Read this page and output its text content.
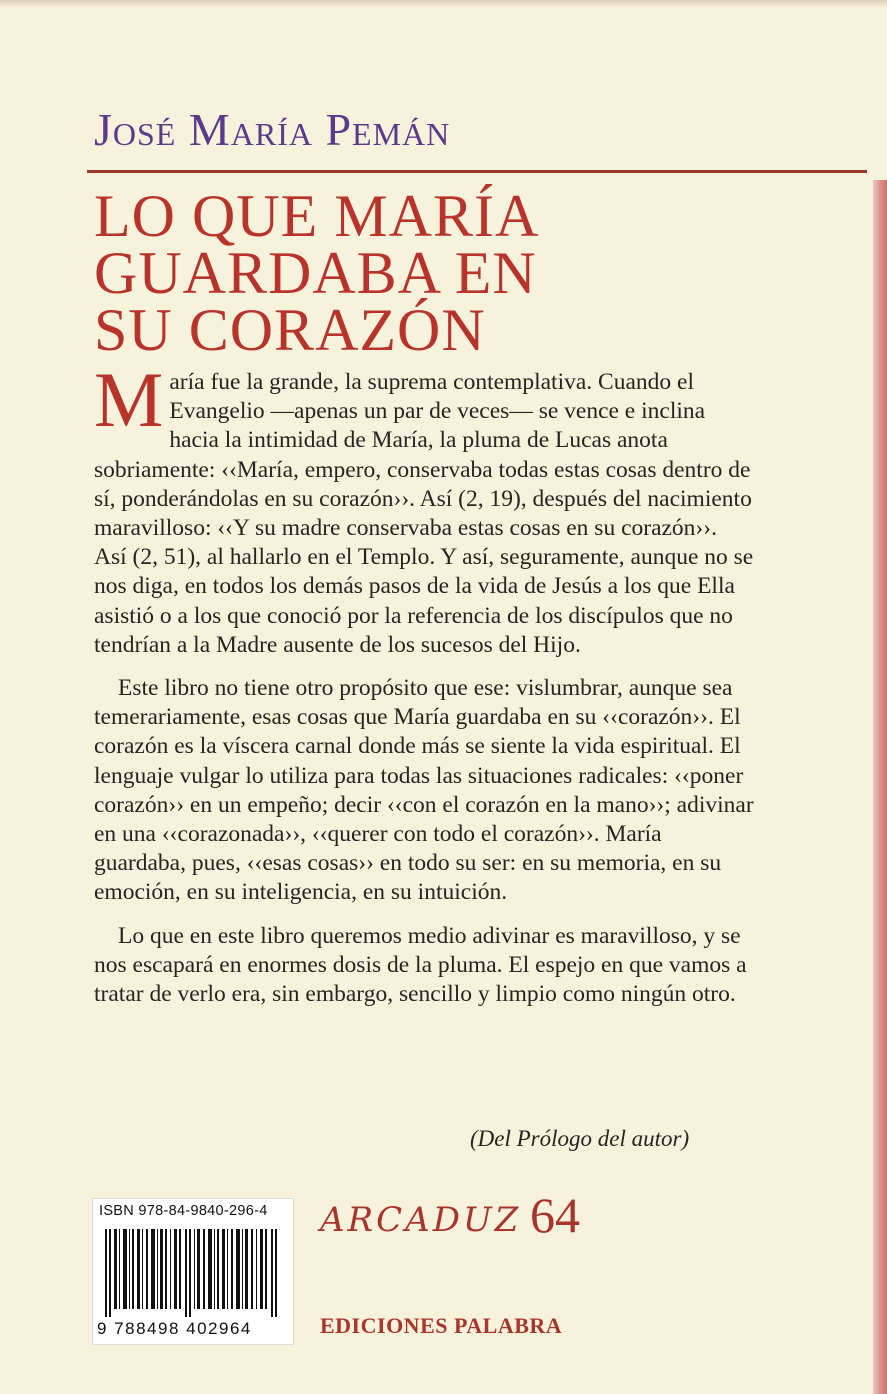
José María Pemán
LO QUE MARÍA
GUARDABA EN
SU CORAZÓN

María fue la grande, la suprema contemplativa. Cuando el Evangelio —apenas un par de veces— se vence e inclina hacia la intimidad de María, la pluma de Lucas anota sobriamente: ‹‹María, empero, conservaba todas estas cosas dentro de sí, ponderándolas en su corazón››. Así (2, 19), después del nacimiento maravilloso: ‹‹Y su madre conservaba estas cosas en su corazón››. Así (2, 51), al hallarlo en el Templo. Y así, seguramente, aunque no se nos diga, en todos los demás pasos de la vida de Jesús a los que Ella asistió o a los que conoció por la referencia de los discípulos que no tendrían a la Madre ausente de los sucesos del Hijo.

Este libro no tiene otro propósito que ese: vislumbrar, aunque sea temerariamente, esas cosas que María guardaba en su ‹‹corazón››. El corazón es la víscera carnal donde más se siente la vida espiritual. El lenguaje vulgar lo utiliza para todas las situaciones radicales: ‹‹poner corazón›› en un empeño; decir ‹‹con el corazón en la mano››; adivinar en una ‹‹corazonada››, ‹‹querer con todo el corazón››. María guardaba, pues, ‹‹esas cosas›› en todo su ser: en su memoria, en su emoción, en su inteligencia, en su intuición.

Lo que en este libro queremos medio adivinar es maravilloso, y se nos escapará en enormes dosis de la pluma. El espejo en que vamos a tratar de verlo era, sin embargo, sencillo y limpio como ningún otro.

(Del Prólogo del autor)
ISBN 978-84-9840-296-4
9 788498 402964
ARCADUZ 64
EDICIONES PALABRA
